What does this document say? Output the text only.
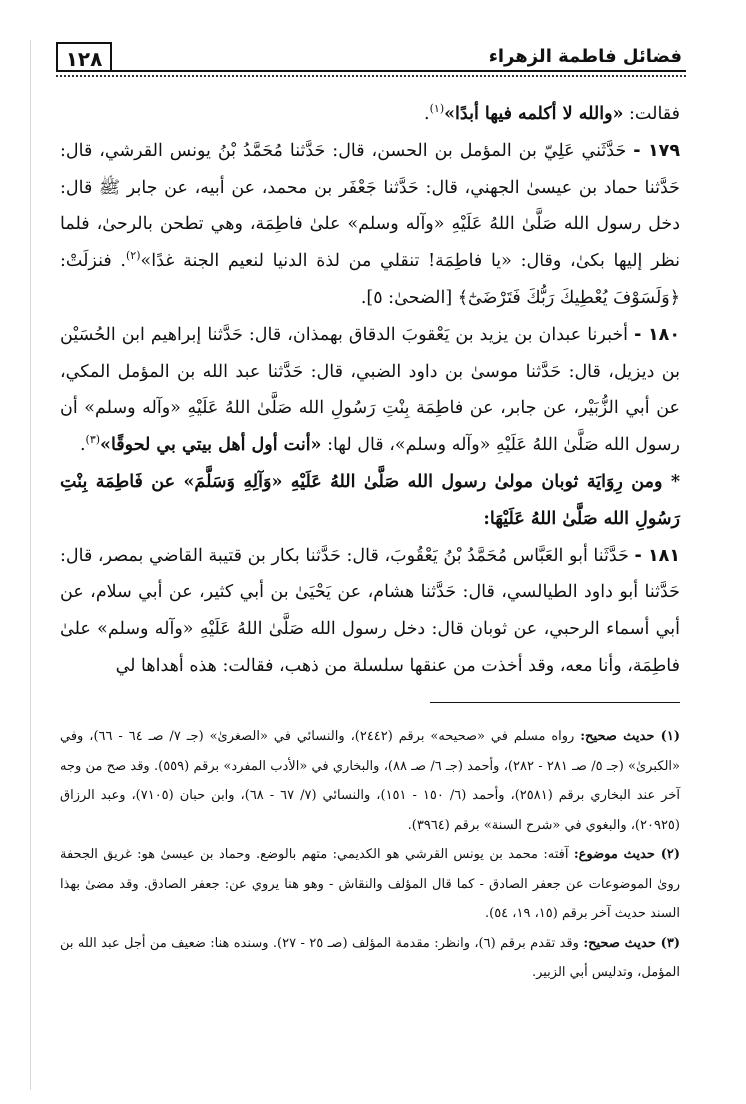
١٢٨	فضائل فاطمة الزهراء

فقالت: «والله لا أكلمه فيها أبدًا»$^{(١)}$.

١٧٩ - حَدَّثَني عَلِيّ بن المؤمل بن الحسن، قال: حَدَّثنا مُحَمَّدُ بْنُ يونس القرشي، قال: حَدَّثنا حماد بن عيسىٰ الجهني، قال: حَدَّثنا جَعْفَر بن محمد، عن أبيه، عن جابر ﷺ قال: دخل رسول الله صَلَّىٰ اللهُ عَلَيْهِ «وآله وسلم» علىٰ فاطِمَة، وهي تطحن بالرحىٰ، فلما نظر إليها بكىٰ، وقال: «يا فاطِمَة! تنقلي من لذة الدنيا لنعيم الجنة غدًا»$^{(٢)}$. فنزلَتْ: ﴿وَلَسَوْفَ يُعْطِيكَ رَبُّكَ فَتَرْضَىٰٓ﴾ [الضحىٰ: ٥].

١٨٠ - أخبرنا عبدان بن يزيد بن يَعْقوبَ الدقاق بهمذان، قال: حَدَّثنا إبراهيم ابن الحُسَيْن بن ديزيل، قال: حَدَّثنا موسىٰ بن داود الضبي، قال: حَدَّثنا عبد الله بن المؤمل المكي، عن أبي الزُّبَيْر، عن جابر، عن فاطِمَة بِنْتِ رَسُولِ الله صَلَّىٰ اللهُ عَلَيْهِ «وآله وسلم» أن رسول الله صَلَّىٰ اللهُ عَلَيْهِ «وآله وسلم»، قال لها: «أنت أول أهل بيتي بي لحوقًا»$^{(٣)}$.

* ومن رِوَايَة ثوبان مولىٰ رسول الله صَلَّىٰ اللهُ عَلَيْهِ «وَآلِهِ وَسَلَّمَ» عن فَاطِمَة بِنْتِ رَسُولِ الله صَلَّىٰ اللهُ عَلَيْهَا:

١٨١ - حَدَّثَنا أبو العَبَّاس مُحَمَّدُ بْنُ يَعْقُوبَ، قال: حَدَّثنا بكار بن قتيبة القاضي بمصر، قال: حَدَّثنا أبو داود الطيالسي، قال: حَدَّثنا هشام، عن يَحْيَىٰ بن أبي كثير، عن أبي سلام، عن أبي أسماء الرحبي، عن ثوبان قال: دخل رسول الله صَلَّىٰ اللهُ عَلَيْهِ «وآله وسلم» علىٰ فاطِمَة، وأنا معه، وقد أخذت من عنقها سلسلة من ذهب، فقالت: هذه أهداها لي

(١) حديث صحيح: رواه مسلم في «صحيحه» برقم (٢٤٤٢)، والنسائي في «الصغرىٰ» (جـ ٧/ صـ ٦٤ - ٦٦)، وفي «الكبرىٰ» (جـ ٥/ صـ ٢٨١ - ٢٨٢)، وأحمد (جـ ٦/ صـ ٨٨)، والبخاري في «الأدب المفرد» برقم (٥٥٩). وقد صح من وجه آخر عند البخاري برقم (٢٥٨١)، وأحمد (٦/ ١٥٠ - ١٥١)، والنسائي (٧/ ٦٧ - ٦٨)، وابن حبان (٧١٠٥)، وعبد الرزاق (٢٠٩٢٥)، والبغوي في «شرح السنة» برقم (٣٩٦٤).

(٢) حديث موضوع: آفته: محمد بن يونس القرشي هو الكديمي: متهم بالوضع. وحماد بن عيسىٰ هو: غريق الجحفة روىٰ الموضوعات عن جعفر الصادق - كما قال المؤلف والنقاش - وهو هنا يروي عن: جعفر الصادق. وقد مضىٰ بهذا السند حديث آخر برقم (١٥، ١٩، ٥٤).

(٣) حديث صحيح: وقد تقدم برقم (٦)، وانظر: مقدمة المؤلف (صـ ٢٥ - ٢٧). وسنده هنا: ضعيف من أجل عبد الله بن المؤمل، وتدليس أبي الزبير.
